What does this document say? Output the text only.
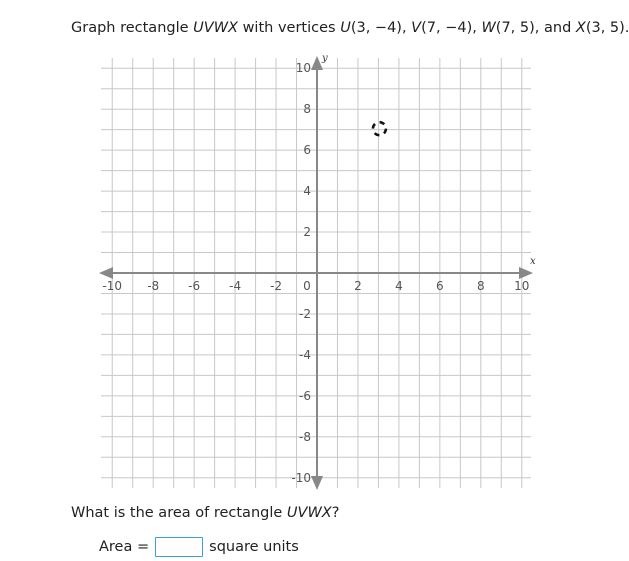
Graph rectangle UVWX with vertices U(3, −4), V(7, −4), W(7, 5), and X(3, 5).
-10 -8 -6 -4 -2 0	2	4	6	8 10
10
8
6
4
2
-2
-4
-6
-8
-10
x
y
What is the area of rectangle UVWX?
Area =	square units
